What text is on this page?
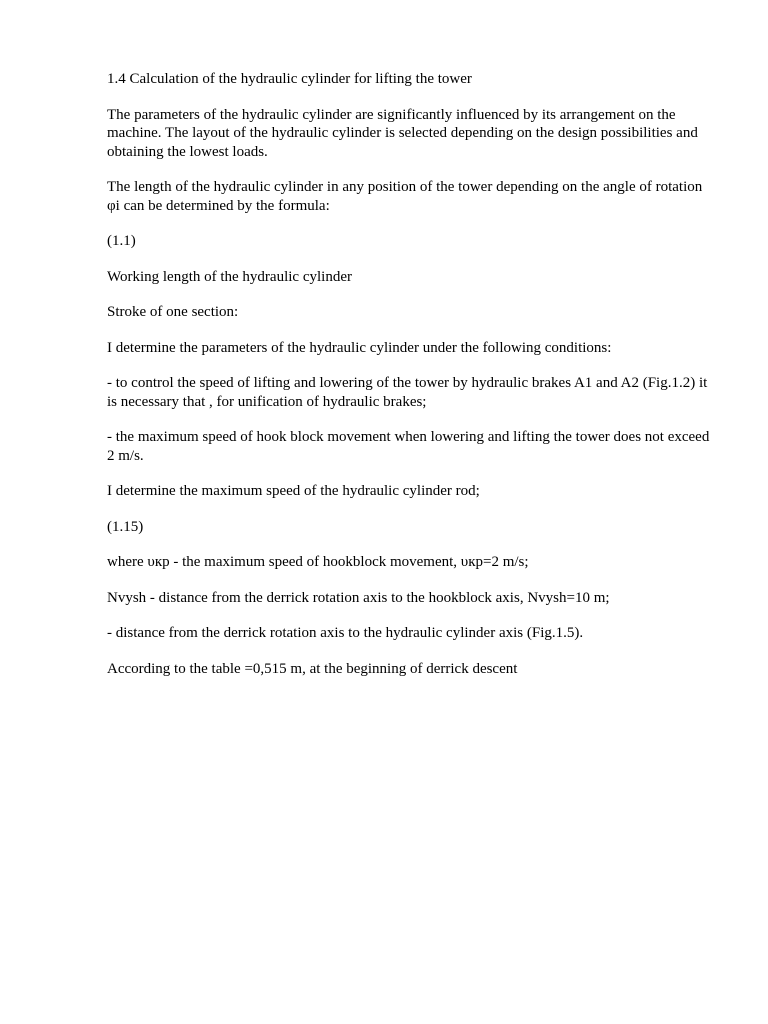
1.4 Calculation of the hydraulic cylinder for lifting the tower

The parameters of the hydraulic cylinder are significantly influenced by its arrangement on the machine. The layout of the hydraulic cylinder is selected depending on the design possibilities and obtaining the lowest loads.

The length of the hydraulic cylinder in any position of the tower depending on the angle of rotation φi can be determined by the formula:

(1.1)

Working length of the hydraulic cylinder

Stroke of one section:

I determine the parameters of the hydraulic cylinder under the following conditions:

- to control the speed of lifting and lowering of the tower by hydraulic brakes A1 and A2 (Fig.1.2) it is necessary that , for unification of hydraulic brakes;

- the maximum speed of hook block movement when lowering and lifting the tower does not exceed 2 m/s.

I determine the maximum speed of the hydraulic cylinder rod;

(1.15)

where υкр - the maximum speed of hookblock movement, υкр=2 m/s;

Nvysh - distance from the derrick rotation axis to the hookblock axis, Nvysh=10 m;

- distance from the derrick rotation axis to the hydraulic cylinder axis (Fig.1.5).

According to the table =0,515 m, at the beginning of derrick descent
